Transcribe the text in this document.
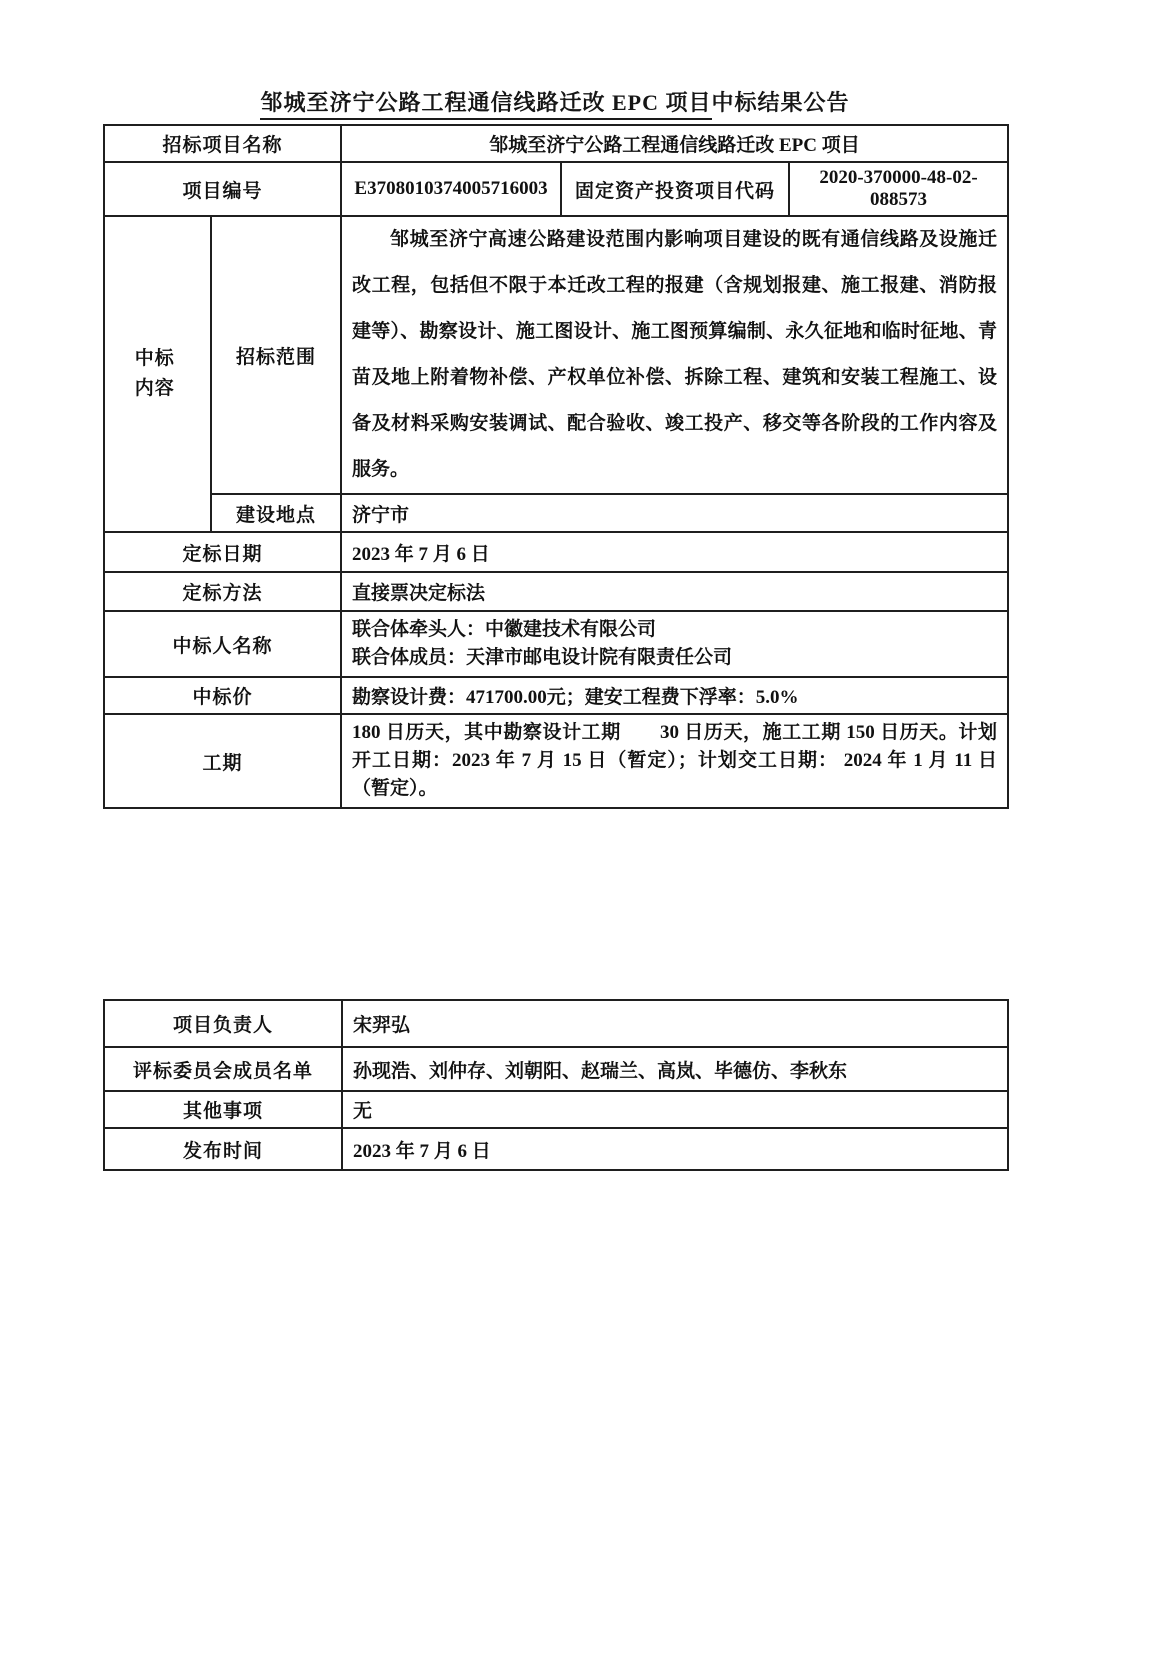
邹城至济宁公路工程通信线路迁改 EPC 项目中标结果公告
招标项目名称		邹城至济宁公路工程通信线路迁改 EPC 项目		
项目编号		E3708010374005716003	固定资产投资项目代码	2020-370000-48-02-088573

中标内容	招标范围	邹城至济宁高速公路建设范围内影响项目建设的既有通信线路及设施迁改工程，包括但不限于本迁改工程的报建（含规划报建、施工报建、消防报建等）、勘察设计、施工图设计、施工图预算编制、永久征地和临时征地、青苗及地上附着物补偿、产权单位补偿、拆除工程、建筑和安装工程施工、设备及材料采购安装调试、配合验收、竣工投产、移交等各阶段的工作内容及服务。		

	建设地点	济宁市		
定标日期		2023 年 7 月 6 日		
定标方法		直接票决定标法		
中标人名称		联合体牵头人：中徽建技术有限公司
联合体成员：天津市邮电设计院有限责任公司		

中标价		勘察设计费：471700.00元；建安工程费下浮率：5.0%		
工期		180 日历天，其中勘察设计工期　　30 日历天，施工工期 150 日历天。计划开工日期：2023 年 7 月 15 日（暂定）；计划交工日期： 2024 年 1 月 11 日（暂定）。		
项目负责人	宋羿弘
评标委员会成员名单	孙现浩、刘仲存、刘朝阳、赵瑞兰、高岚、毕德仿、李秋东
其他事项	无
发布时间	2023 年 7 月 6 日
